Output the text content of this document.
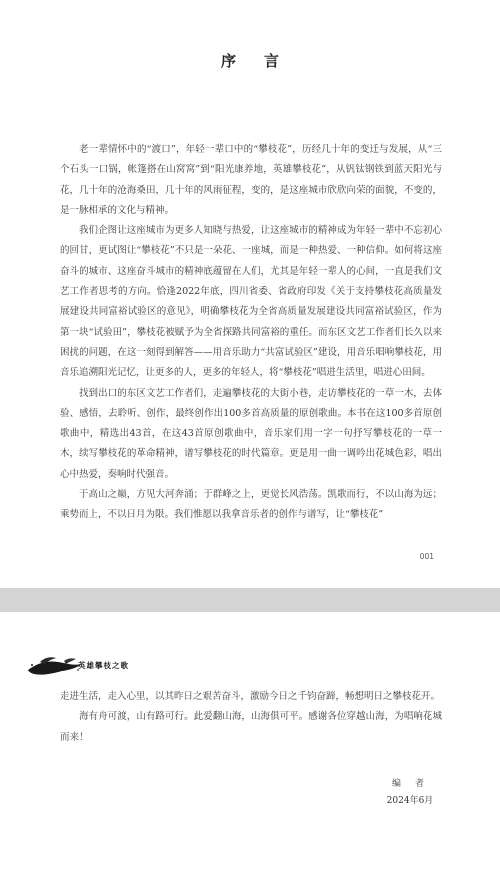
序 言

老一辈情怀中的“渡口”，年轻一辈口中的“攀枝花”，历经几十年的变迁与发展，从“三个石头一口锅，帐篷搭在山窝窝”到“阳光康养地，英雄攀枝花”，从钒钛钢铁到蓝天阳光与花，几十年的沧海桑田，几十年的风雨征程，变的，是这座城市欣欣向荣的面貌，不变的，是一脉相承的文化与精神。

我们企图让这座城市为更多人知晓与热爱，让这座城市的精神成为年轻一辈中不忘初心的回甘，更试图让“攀枝花”不只是一朵花、一座城，而是一种热爱、一种信仰。如何将这座奋斗的城市、这座奋斗城市的精神底蕴留在人们，尤其是年轻一辈人的心间，一直是我们文艺工作者思考的方向。恰逢2022年底，四川省委、省政府印发《关于支持攀枝花高质量发展建设共同富裕试验区的意见》，明确攀枝花为全省高质量发展建设共同富裕试验区，作为第一块“试验田”，攀枝花被赋予为全省探路共同富裕的重任。而东区文艺工作者们长久以来困扰的问题，在这一刻得到解答——用音乐助力“共富试验区”建设，用音乐唱响攀枝花，用音乐追溯阳光记忆，让更多的人，更多的年轻人，将“攀枝花”唱进生活里，唱进心田间。

找到出口的东区文艺工作者们，走遍攀枝花的大街小巷，走访攀枝花的一草一木，去体验、感悟，去聆听、创作，最终创作出100多首高质量的原创歌曲。本书在这100多首原创歌曲中，精选出43首，在这43首原创歌曲中，音乐家们用一字一句抒写攀枝花的一草一木，续写攀枝花的革命精神，谱写攀枝花的时代篇章。更是用一曲一调吟出花城色彩，唱出心中热爱，奏响时代强音。

于高山之巅，方见大河奔涌；于群峰之上，更觉长风浩荡。凯歌而行，不以山海为远；乘势而上，不以日月为限。我们惟愿以我拿音乐者的创作与谱写，让“攀枝花”

001
英雄攀枝之歌

走进生活，走入心里，以其昨日之艰苦奋斗，激励今日之千钧奋蹄，畅想明日之攀枝花开。

海有舟可渡，山有路可行。此爱翻山海，山海俱可平。感谢各位穿越山海，为唱响花城而来！

编者
2024年6月
